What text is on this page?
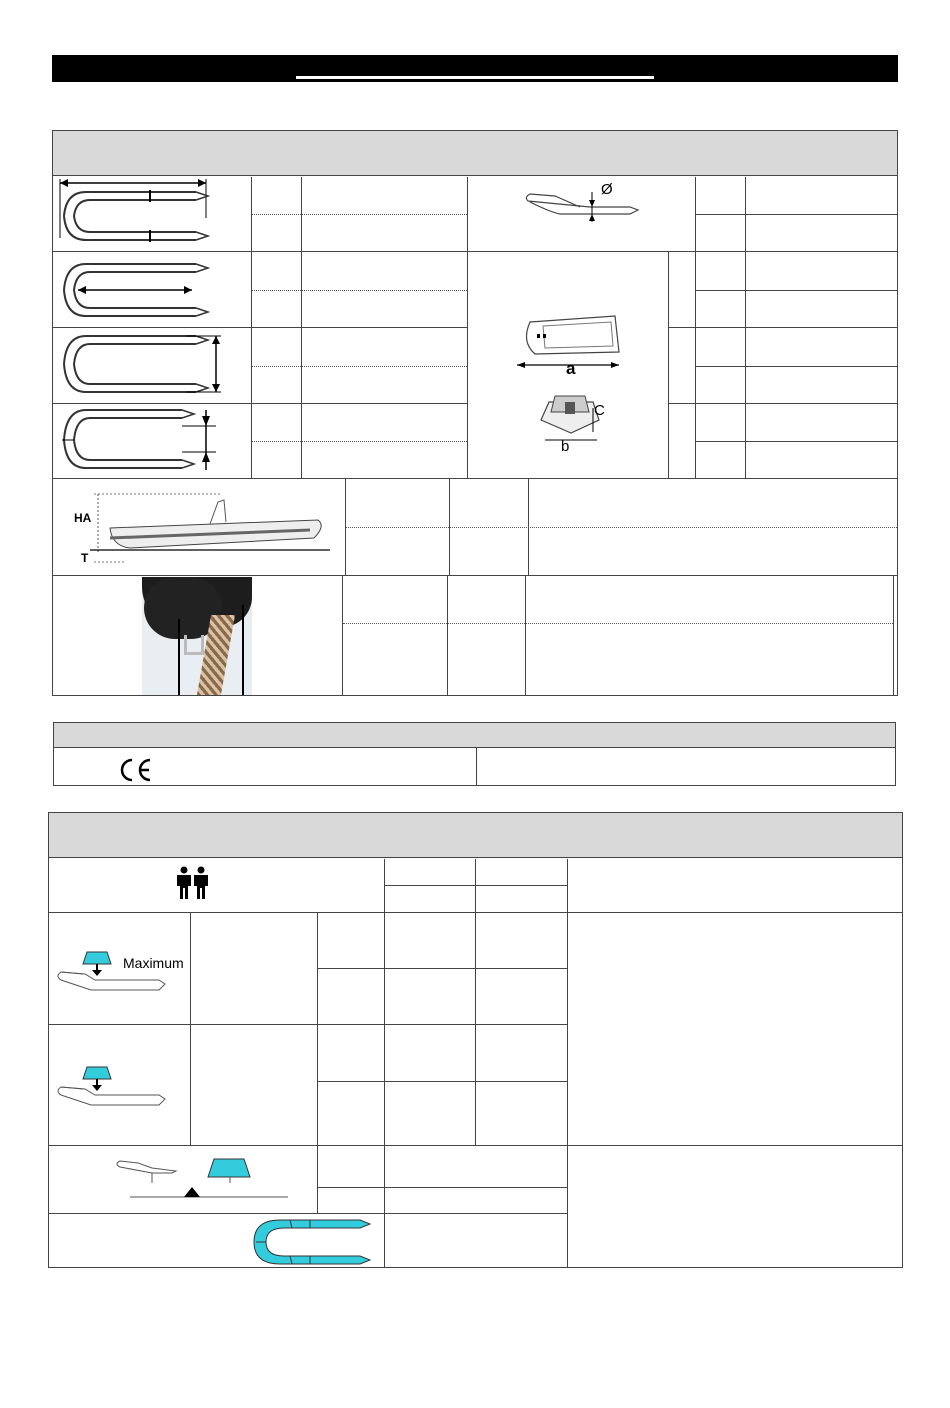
Ø
a
C
b
HA
T
Maximum
